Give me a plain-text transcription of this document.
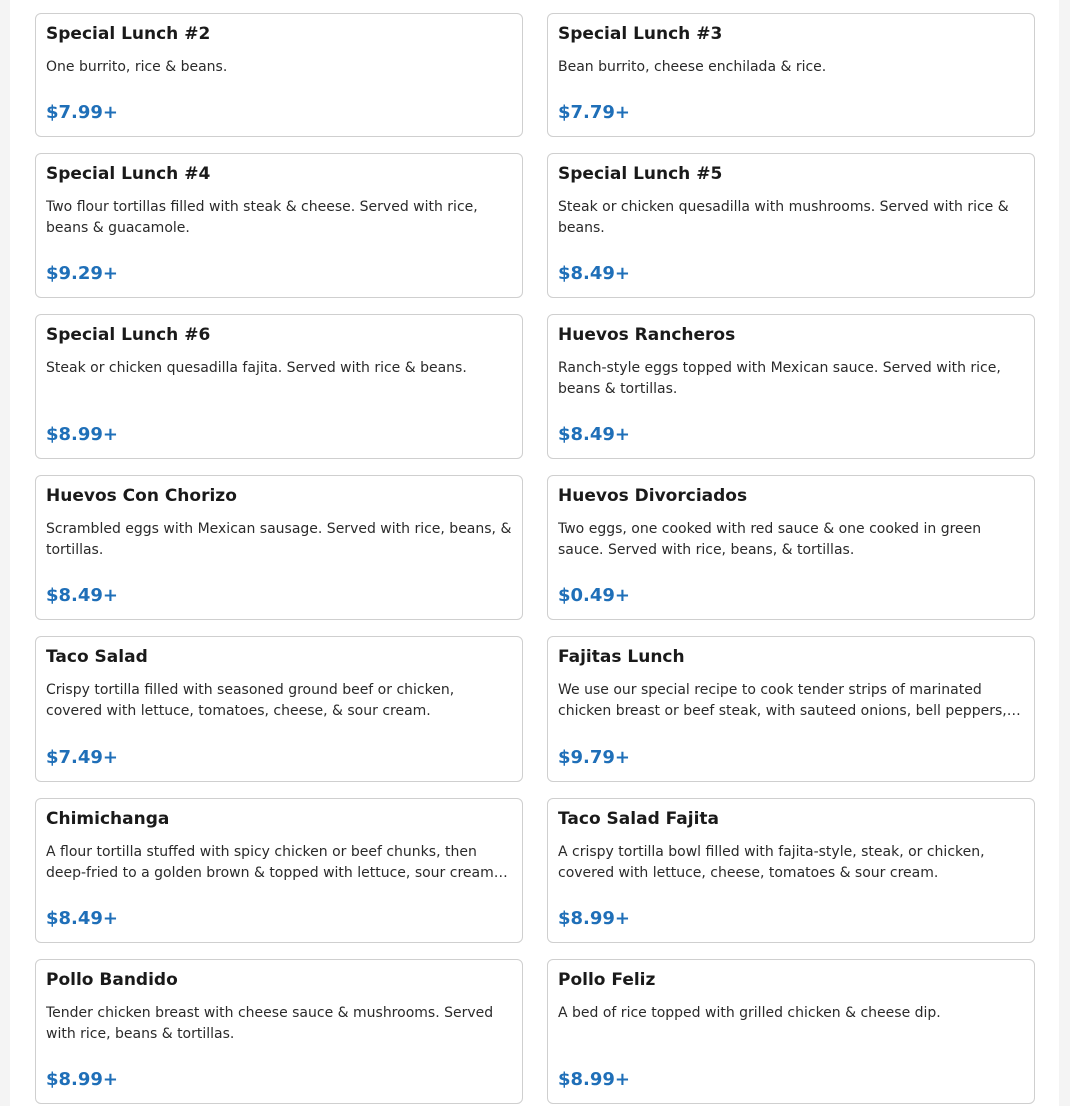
Special Lunch #2
One burrito, rice & beans.
$7.99+
Special Lunch #3
Bean burrito, cheese enchilada & rice.
$7.79+
Special Lunch #4
Two flour tortillas filled with steak & cheese. Served with rice, beans & guacamole.
$9.29+
Special Lunch #5
Steak or chicken quesadilla with mushrooms. Served with rice & beans.
$8.49+
Special Lunch #6
Steak or chicken quesadilla fajita. Served with rice & beans.
$8.99+
Huevos Rancheros
Ranch-style eggs topped with Mexican sauce. Served with rice, beans & tortillas.
$8.49+
Huevos Con Chorizo
Scrambled eggs with Mexican sausage. Served with rice, beans, & tortillas.
$8.49+
Huevos Divorciados
Two eggs, one cooked with red sauce & one cooked in green sauce. Served with rice, beans, & tortillas.
$0.49+
Taco Salad
Crispy tortilla filled with seasoned ground beef or chicken, covered with lettuce, tomatoes, cheese, & sour cream.
$7.49+
Fajitas Lunch
We use our special recipe to cook tender strips of marinated chicken breast or beef steak, with sauteed onions, bell peppers,…
$9.79+
Chimichanga
A flour tortilla stuffed with spicy chicken or beef chunks, then deep-fried to a golden brown & topped with lettuce, sour cream…
$8.49+
Taco Salad Fajita
A crispy tortilla bowl filled with fajita-style, steak, or chicken, covered with lettuce, cheese, tomatoes & sour cream.
$8.99+
Pollo Bandido
Tender chicken breast with cheese sauce & mushrooms. Served with rice, beans & tortillas.
$8.99+
Pollo Feliz
A bed of rice topped with grilled chicken & cheese dip.
$8.99+
